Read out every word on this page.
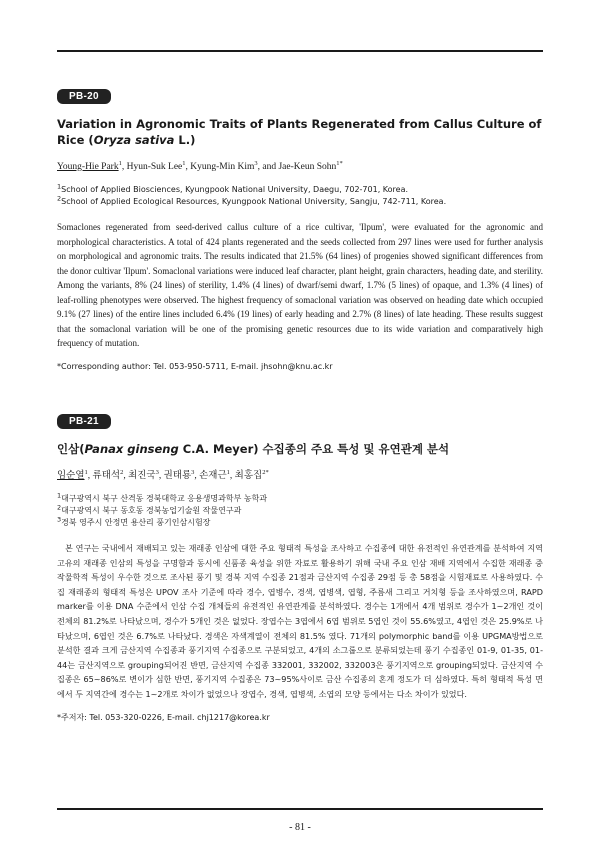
PB-20
Variation in Agronomic Traits of Plants Regenerated from Callus Culture of Rice (Oryza sativa L.)
Young-Hie Park$^1$, Hyun-Suk Lee$^1$, Kyung-Min Kim$^3$, and Jae-Keun Sohn$^{1*}$
$^1$School of Applied Biosciences, Kyungpook National University, Daegu, 702-701, Korea.
$^2$School of Applied Ecological Resources, Kyungpook National University, Sangju, 742-711, Korea.
Somaclones regenerated from seed-derived callus culture of a rice cultivar, 'Ilpum', were evaluated for the agronomic and morphological characteristics. A total of 424 plants regenerated and the seeds collected from 297 lines were used for further analysis on morphological and agronomic traits. The results indicated that 21.5% (64 lines) of progenies showed significant differences from the donor cultivar 'Ilpum'. Somaclonal variations were induced leaf character, plant height, grain characters, heading date, and sterility. Among the variants, 8% (24 lines) of sterility, 1.4% (4 lines) of dwarf/semi dwarf, 1.7% (5 lines) of opaque, and 1.3% (4 lines) of leaf-rolling phenotypes were observed. The highest frequency of somaclonal variation was observed on heading date which occupied 9.1% (27 lines) of the entire lines included 6.4% (19 lines) of early heading and 2.7% (8 lines) of late heading. These results suggest that the somaclonal variation will be one of the promising genetic resources due to its wide variation and comparatively high frequency of mutation.
*Corresponding author: Tel. 053-950-5711, E-mail. jhsohn@knu.ac.kr
PB-21
인삼(Panax ginseng C.A. Meyer) 수집종의 주요 특성 및 유연관계 분석
임순열$^1$, 류태석$^2$, 최진국$^3$, 권태룡$^3$, 손재근$^1$, 최홍집$^{2*}$
$^1$대구광역시 북구 산격동 경북대학교 응용생명과학부 농학과
$^2$대구광역시 북구 동호동 경북농업기술원 작물연구과
$^3$경북 영주시 안정면 용산리 풍기인삼시험장
본 연구는 국내에서 재배되고 있는 재래종 인삼에 대한 주요 형태적 특성을 조사하고 수집종에 대한 유전적인 유연관계를 분석하여 지역 고유의 재래종 인삼의 특성을 구명함과 동시에 신품종 육성을 위한 자료로 활용하기 위해 국내 주요 인삼 재배 지역에서 수집한 재래종 중 작물학적 특성이 우수한 것으로 조사된 풍기 및 경북 지역 수집종 21점과 금산지역 수집종 29점 등 총 58점을 시험재료로 사용하였다. 수집 재래종의 형태적 특성은 UPOV 조사 기준에 따라 경수, 엽병수, 경색, 엽병색, 엽형, 주름새 그리고 거치형 등을 조사하였으며, RAPD marker를 이용 DNA 수준에서 인삼 수집 개체들의 유전적인 유연관계를 분석하였다. 경수는 1개에서 4개 범위로 경수가 1~2개인 것이 전체의 81.2%로 나타났으며, 경수가 5개인 것은 없었다. 장엽수는 3엽에서 6엽 범위로 5엽인 것이 55.6%였고, 4엽인 것은 25.9%로 나타났으며, 6엽인 것은 6.7%로 나타났다. 경색은 자색계열이 전체의 81.5% 였다. 71개의 polymorphic band를 이용 UPGMA방법으로 분석한 결과 크게 금산지역 수집종과 풍기지역 수집종으로 구분되었고, 4개의 소그룹으로 분류되었는데 풍기 수집종인 01-9, 01-35, 01-44는 금산지역으로 grouping되어진 반면, 금산지역 수집종 332001, 332002, 332003은 풍기지역으로 grouping되었다. 금산지역 수집종은 65~86%로 변이가 심한 반면, 풍기지역 수집종은 73~95%사이로 금산 수집종의 혼계 정도가 더 심하였다. 특히 형태적 특성 면에서 두 지역간에 경수는 1~2개로 차이가 없었으나 장엽수, 경색, 엽병색, 소엽의 모양 등에서는 다소 차이가 있었다.
*주저자: Tel. 053-320-0226, E-mail. chj1217@korea.kr
- 81 -
